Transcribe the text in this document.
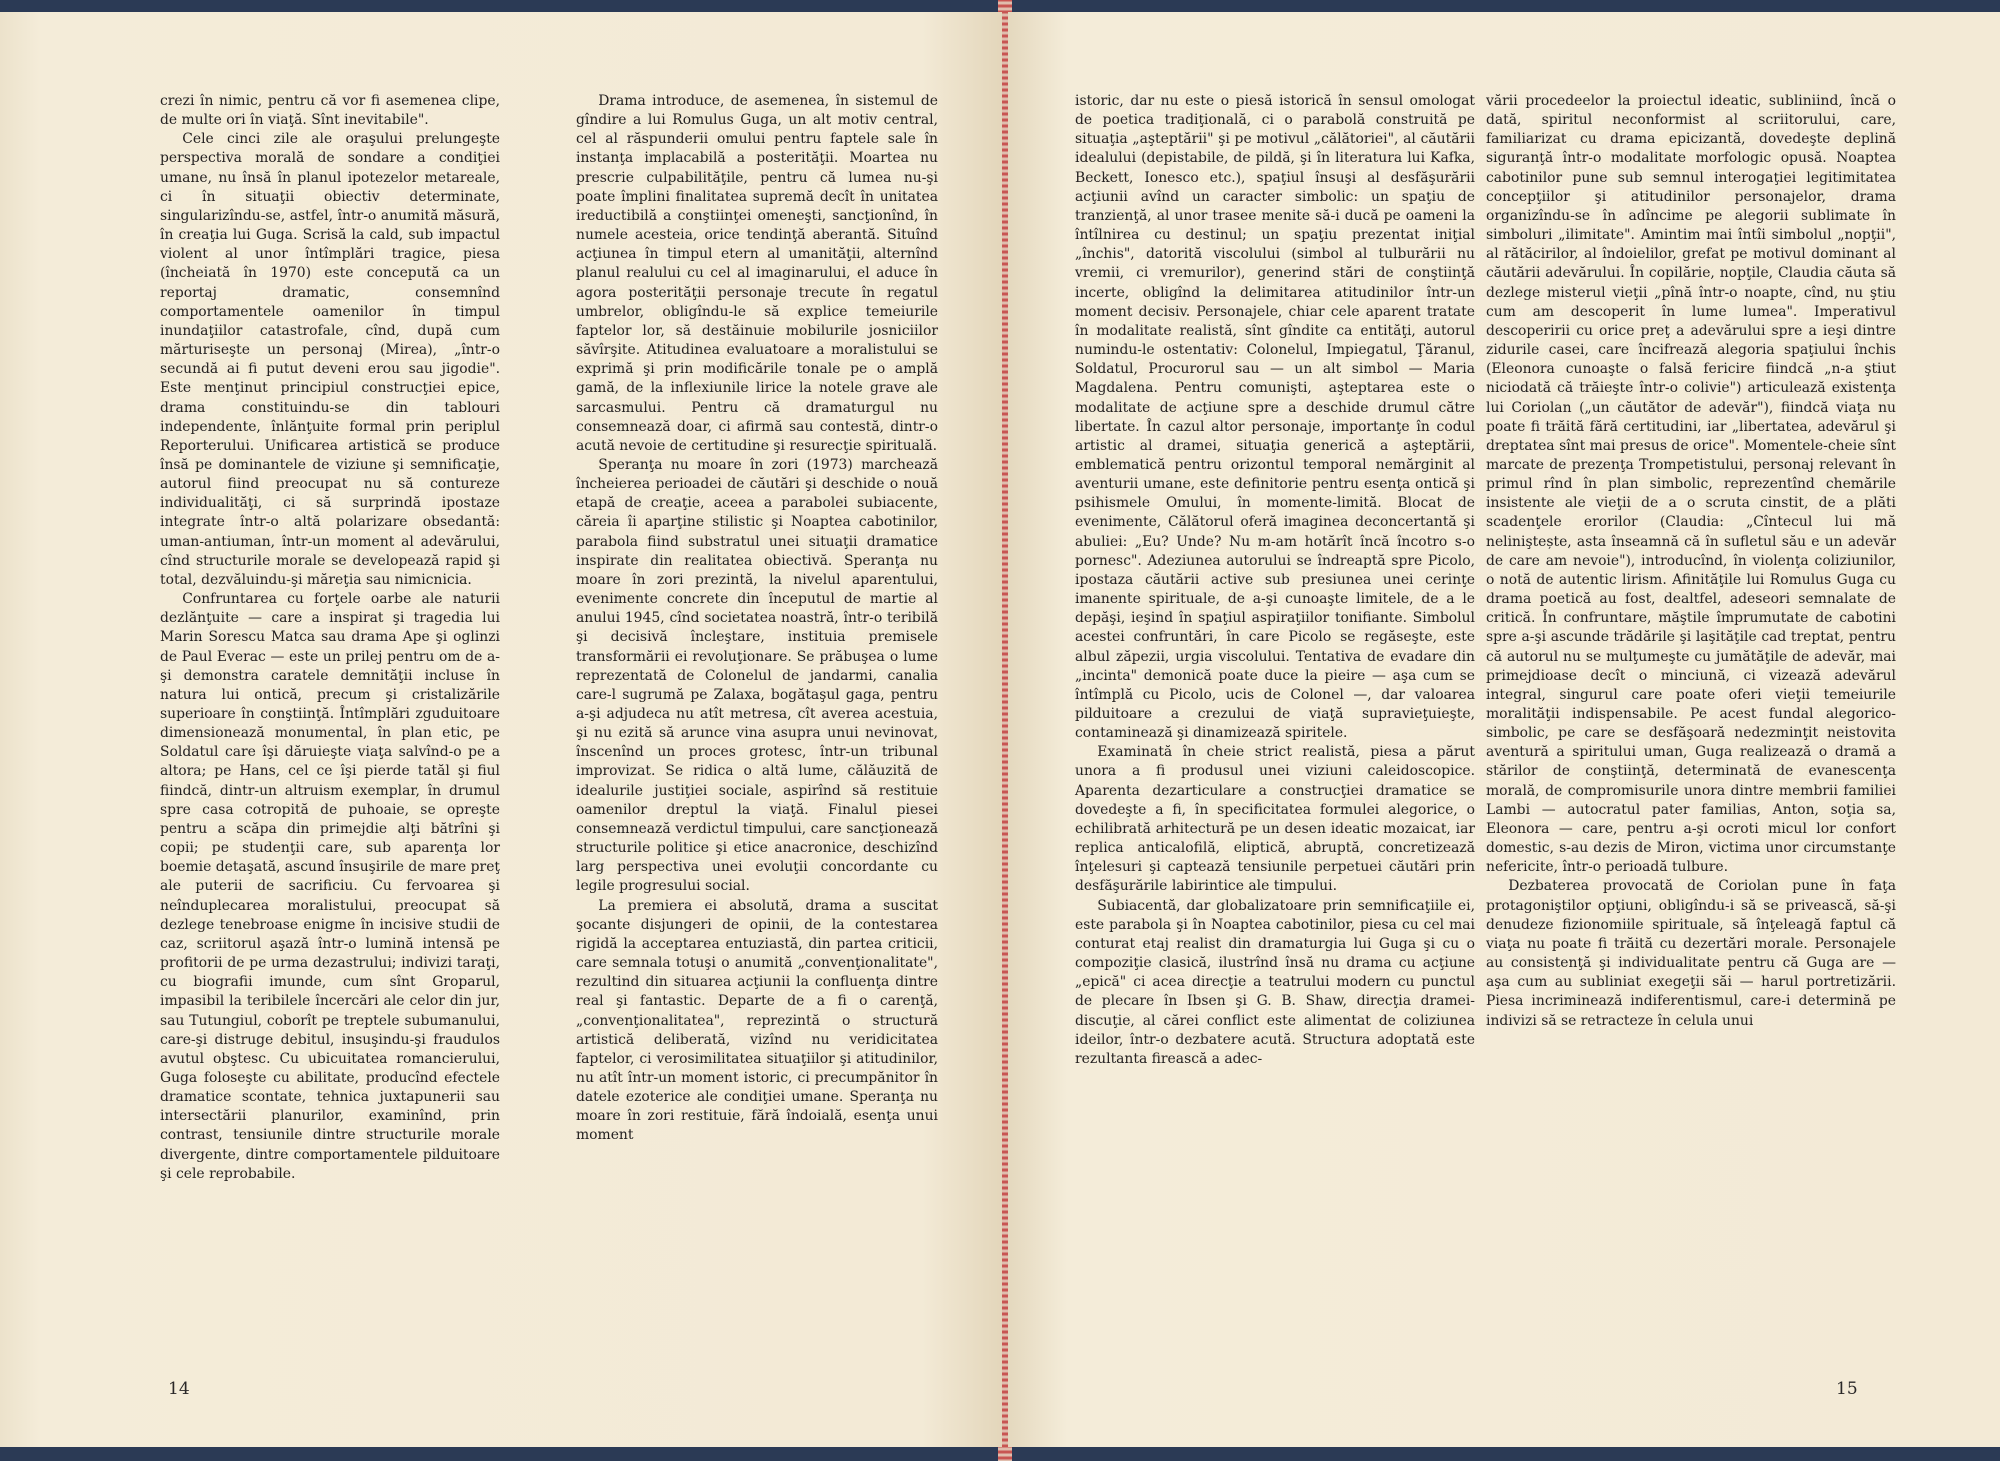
crezi în nimic, pentru că vor fi asemenea clipe, de multe ori în viaţă. Sînt inevitabile".

Cele cinci zile ale oraşului prelungeşte perspectiva morală de sondare a condiţiei umane, nu însă în planul ipotezelor metareale, ci în situaţii obiectiv determinate, singularizîndu-se, astfel, într-o anumită măsură, în creaţia lui Guga. Scrisă la cald, sub impactul violent al unor întîmplări tragice, piesa (încheiată în 1970) este concepută ca un reportaj dramatic, consemnînd comportamentele oamenilor în timpul inundaţiilor catastrofale, cînd, după cum mărturiseşte un personaj (Mirea), „într-o secundă ai fi putut deveni erou sau jigodie". Este menţinut principiul construcţiei epice, drama constituindu-se din tablouri independente, înlănţuite formal prin periplul Reporterului. Unificarea artistică se produce însă pe dominantele de viziune şi semnificaţie, autorul fiind preocupat nu să contureze individualităţi, ci să surprindă ipostaze integrate într-o altă polarizare obsedantă: uman-antiuman, într-un moment al adevărului, cînd structurile morale se developează rapid şi total, dezvăluindu-şi măreţia sau nimicnicia.

Confruntarea cu forţele oarbe ale naturii dezlănţuite — care a inspirat şi tragedia lui Marin Sorescu Matca sau drama Ape şi oglinzi de Paul Everac — este un prilej pentru om de a-şi demonstra caratele demnităţii incluse în natura lui ontică, precum şi cristalizările superioare în conştiinţă. Întîmplări zguduitoare dimensionează monumental, în plan etic, pe Soldatul care îşi dăruieşte viaţa salvînd-o pe a altora; pe Hans, cel ce îşi pierde tatăl şi fiul fiindcă, dintr-un altruism exemplar, în drumul spre casa cotropită de puhoaie, se opreşte pentru a scăpa din primejdie alţi bătrîni şi copii; pe studenţii care, sub aparenţa lor boemie detaşată, ascund însuşirile de mare preţ ale puterii de sacrificiu. Cu fervoarea şi neînduplecarea moralistului, preocupat să dezlege tenebroase enigme în incisive studii de caz, scriitorul aşază într-o lumină intensă pe profitorii de pe urma dezastrului; indivizi taraţi, cu biografii imunde, cum sînt Groparul, impasibil la teribilele încercări ale celor din jur, sau Tutungiul, coborît pe treptele subumanului, care-şi distruge debitul, insuşindu-şi fraudulos avutul obştesc. Cu ubicuitatea romancierului, Guga foloseşte cu abilitate, producînd efectele dramatice scontate, tehnica juxtapunerii sau intersectării planurilor, examinînd, prin contrast, tensiunile dintre structurile morale divergente, dintre comportamentele pilduitoare şi cele reprobabile.

Drama introduce, de asemenea, în sistemul de gîndire a lui Romulus Guga, un alt motiv central, cel al răspunderii omului pentru faptele sale în instanţa implacabilă a posterităţii. Moartea nu prescrie culpabilităţile, pentru că lumea nu-şi poate împlini finalitatea supremă decît în unitatea ireductibilă a conştiinţei omeneşti, sancţionînd, în numele acesteia, orice tendinţă aberantă. Situînd acţiunea în timpul etern al umanităţii, alternînd planul realului cu cel al imaginarului, el aduce în agora posterităţii personaje trecute în regatul umbrelor, obligîndu-le să explice temeiurile faptelor lor, să destăinuie mobilurile josniciilor săvîrşite. Atitudinea evaluatoare a moralistului se exprimă şi prin modificările tonale pe o amplă gamă, de la inflexiunile lirice la notele grave ale sarcasmului. Pentru că dramaturgul nu consemnează doar, ci afirmă sau contestă, dintr-o acută nevoie de certitudine şi resurecţie spirituală.

Speranţa nu moare în zori (1973) marchează încheierea perioadei de căutări şi deschide o nouă etapă de creaţie, aceea a parabolei subiacente, căreia îi aparţine stilistic şi Noaptea cabotinilor, parabola fiind substratul unei situaţii dramatice inspirate din realitatea obiectivă. Speranţa nu moare în zori prezintă, la nivelul aparentului, evenimente concrete din începutul de martie al anului 1945, cînd societatea noastră, într-o teribilă şi decisivă încleştare, instituia premisele transformării ei revoluţionare. Se prăbuşea o lume reprezentată de Colonelul de jandarmi, canalia care-l sugrumă pe Zalaxa, bogătaşul gaga, pentru a-şi adjudeca nu atît metresa, cît averea acestuia, şi nu ezită să arunce vina asupra unui nevinovat, înscenînd un proces grotesc, într-un tribunal improvizat. Se ridica o altă lume, călăuzită de idealurile justiţiei sociale, aspirînd să restituie oamenilor dreptul la viaţă. Finalul piesei consemnează verdictul timpului, care sancţionează structurile politice şi etice anacronice, deschizînd larg perspectiva unei evoluţii concordante cu legile progresului social.

La premiera ei absolută, drama a suscitat şocante disjungeri de opinii, de la contestarea rigidă la acceptarea entuziastă, din partea criticii, care semnala totuşi o anumită „convenţionalitate", rezultind din situarea acţiunii la confluenţa dintre real şi fantastic. Departe de a fi o carenţă, „convenţionalitatea", reprezintă o structură artistică deliberată, vizînd nu veridicitatea faptelor, ci verosimilitatea situaţiilor şi atitudinilor, nu atît într-un moment istoric, ci precumpănitor în datele ezoterice ale condiţiei umane. Speranţa nu moare în zori restituie, fără îndoială, esenţa unui moment

14

istoric, dar nu este o piesă istorică în sensul omologat de poetica tradiţională, ci o parabolă construită pe situaţia „aşteptării" şi pe motivul „călătoriei", al căutării idealului (depistabile, de pildă, şi în literatura lui Kafka, Beckett, Ionesco etc.), spaţiul însuşi al desfăşurării acţiunii avînd un caracter simbolic: un spaţiu de tranzienţă, al unor trasee menite să-i ducă pe oameni la întîlnirea cu destinul; un spaţiu prezentat iniţial „închis", datorită viscolului (simbol al tulburării nu vremii, ci vremurilor), generind stări de conştiinţă incerte, obligînd la delimitarea atitudinilor într-un moment decisiv. Personajele, chiar cele aparent tratate în modalitate realistă, sînt gîndite ca entităţi, autorul numindu-le ostentativ: Colonelul, Impiegatul, Ţăranul, Soldatul, Procurorul sau — un alt simbol — Maria Magdalena. Pentru comunişti, aşteptarea este o modalitate de acţiune spre a deschide drumul către libertate. În cazul altor personaje, importanţe în codul artistic al dramei, situaţia generică a aşteptării, emblematică pentru orizontul temporal nemărginit al aventurii umane, este definitorie pentru esenţa ontică şi psihismele Omului, în momente-limită. Blocat de evenimente, Călătorul oferă imaginea deconcertantă şi abuliei: „Eu? Unde? Nu m-am hotărît încă încotro s-o pornesc". Adeziunea autorului se îndreaptă spre Picolo, ipostaza căutării active sub presiunea unei cerinţe imanente spirituale, de a-şi cunoaşte limitele, de a le depăşi, ieşind în spaţiul aspiraţiilor tonifiante. Simbolul acestei confruntări, în care Picolo se regăseşte, este albul zăpezii, urgia viscolului. Tentativa de evadare din „incinta" demonică poate duce la pieire — aşa cum se întîmplă cu Picolo, ucis de Colonel —, dar valoarea pilduitoare a crezului de viaţă supravieţuieşte, contaminează şi dinamizează spiritele.

Examinată în cheie strict realistă, piesa a părut unora a fi produsul unei viziuni caleidoscopice. Aparenta dezarticulare a construcţiei dramatice se dovedeşte a fi, în specificitatea formulei alegorice, o echilibrată arhitectură pe un desen ideatic mozaicat, iar replica anticalofilă, eliptică, abruptă, concretizează înţelesuri şi captează tensiunile perpetuei căutări prin desfăşurările labirintice ale timpului.

Subiacentă, dar globalizatoare prin semnificaţiile ei, este parabola şi în Noaptea cabotinilor, piesa cu cel mai conturat etaj realist din dramaturgia lui Guga şi cu o compoziţie clasică, ilustrînd însă nu drama cu acţiune „epică" ci acea direcţie a teatrului modern cu punctul de plecare în Ibsen şi G. B. Shaw, direcţia dramei-discuţie, al cărei conflict este alimentat de coliziunea ideilor, într-o dezbatere acută. Structura adoptată este rezultanta firească a adec-

vării procedeelor la proiectul ideatic, subliniind, încă o dată, spiritul neconformist al scriitorului, care, familiarizat cu drama epicizantă, dovedeşte deplină siguranţă într-o modalitate morfologic opusă. Noaptea cabotinilor pune sub semnul interogaţiei legitimitatea concepţiilor şi atitudinilor personajelor, drama organizîndu-se în adîncime pe alegorii sublimate în simboluri „ilimitate". Amintim mai întîi simbolul „nopţii", al rătăcirilor, al îndoielilor, grefat pe motivul dominant al căutării adevărului. În copilărie, nopţile, Claudia căuta să dezlege misterul vieţii „pînă într-o noapte, cînd, nu ştiu cum am descoperit în lume lumea". Imperativul descoperirii cu orice preţ a adevărului spre a ieşi dintre zidurile casei, care încifrează alegoria spaţiului închis (Eleonora cunoaşte o falsă fericire fiindcă „n-a ştiut niciodată că trăieşte într-o colivie") articulează existenţa lui Coriolan („un căutător de adevăr"), fiindcă viaţa nu poate fi trăită fără certitudini, iar „libertatea, adevărul şi dreptatea sînt mai presus de orice". Momentele-cheie sînt marcate de prezenţa Trompetistului, personaj relevant în primul rînd în plan simbolic, reprezentînd chemările insistente ale vieţii de a o scruta cinstit, de a plăti scadenţele erorilor (Claudia: „Cîntecul lui mă neliniştește, asta înseamnă că în sufletul său e un adevăr de care am nevoie"), introducînd, în violenţa coliziunilor, o notă de autentic lirism. Afinităţile lui Romulus Guga cu drama poetică au fost, dealtfel, adeseori semnalate de critică. În confruntare, măştile împrumutate de cabotini spre a-şi ascunde trădările şi laşităţile cad treptat, pentru că autorul nu se mulţumeşte cu jumătăţile de adevăr, mai primejdioase decît o minciună, ci vizează adevărul integral, singurul care poate oferi vieţii temeiurile moralităţii indispensabile. Pe acest fundal alegorico-simbolic, pe care se desfăşoară nedezminţit neistovita aventură a spiritului uman, Guga realizează o dramă a stărilor de conştiinţă, determinată de evanescenţa morală, de compromisurile unora dintre membrii familiei Lambi — autocratul pater familias, Anton, soţia sa, Eleonora — care, pentru a-şi ocroti micul lor confort domestic, s-au dezis de Miron, victima unor circumstanţe nefericite, într-o perioadă tulbure.

Dezbaterea provocată de Coriolan pune în faţa protagoniştilor opţiuni, obligîndu-i să se privească, să-şi denudeze fizionomiile spirituale, să înţeleagă faptul că viaţa nu poate fi trăită cu dezertări morale. Personajele au consistenţă şi individualitate pentru că Guga are — aşa cum au subliniat exegeţii săi — harul portretizării. Piesa incriminează indiferentismul, care-i determină pe indivizi să se retracteze în celula unui

15
